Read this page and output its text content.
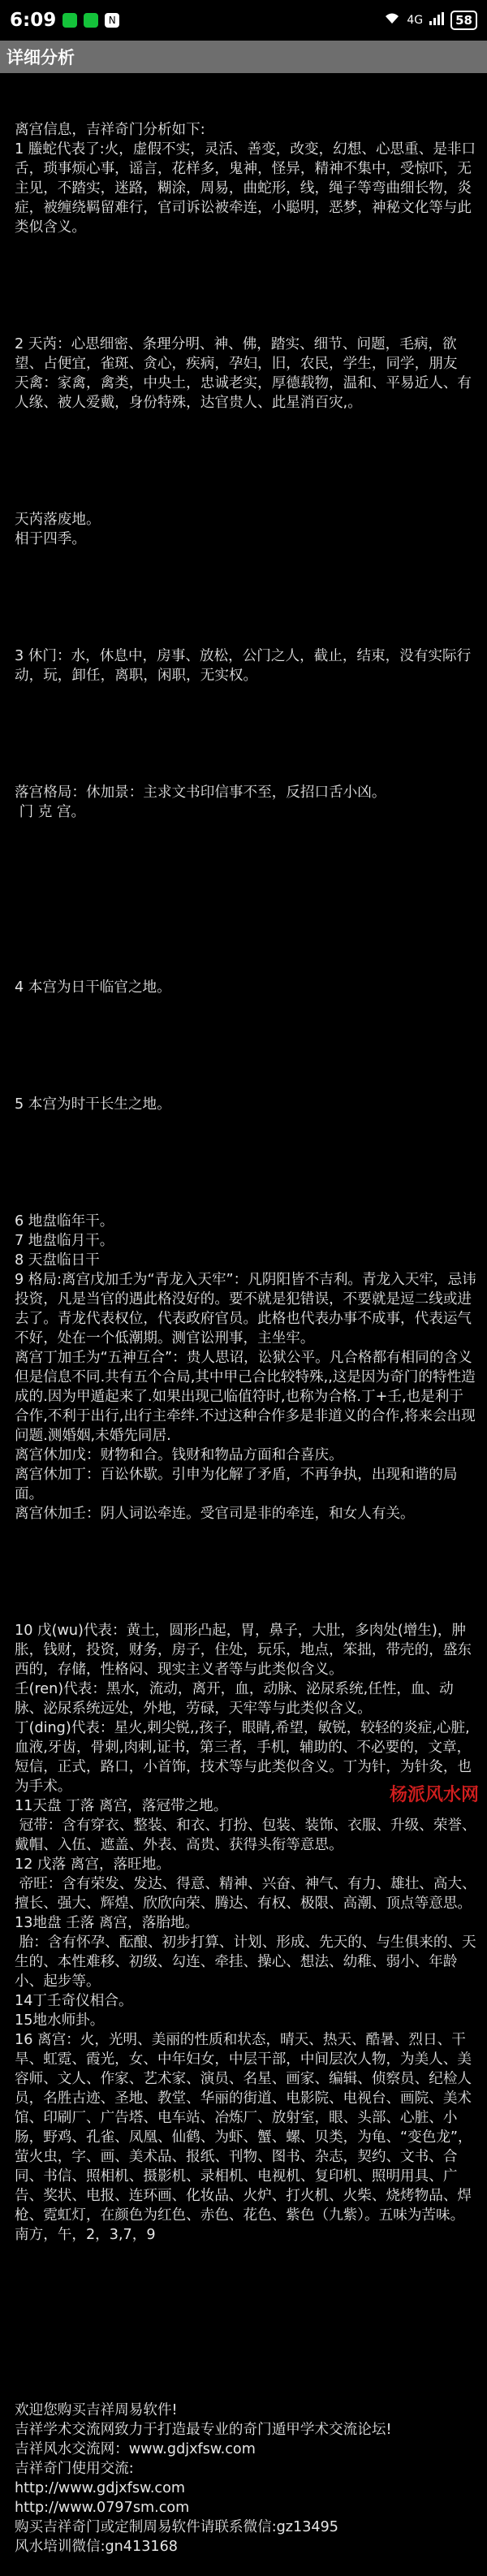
6:09	N	4G	58
详细分析

离宫信息，吉祥奇门分析如下:
1 螣蛇代表了:火，虚假不实，灵活、善变，改变，幻想、心思重、是非口舌，琐事烦心事，谣言，花样多，鬼神，怪异，精神不集中，受惊吓，无主见，不踏实，迷路，糊涂，周易，曲蛇形，线，绳子等弯曲细长物，炎症，被缠绕羁留难行，官司诉讼被牵连，小聪明，恶梦，神秘文化等与此类似含义。

2 天芮：心思细密、条理分明、神、佛，踏实、细节、问题，毛病，欲望、占便宜，雀斑、贪心，疾病，孕妇，旧，农民，学生，同学，朋友
天禽：家禽，禽类，中央土，忠诚老实，厚德载物，温和、平易近人、有人缘、被人爱戴，身份特殊，达官贵人、此星消百灾,。

天芮落废地。
相于四季。

3 休门：水，休息中，房事、放松，公门之人，截止，结束，没有实际行动，玩，卸任，离职，闲职，无实权。

落宫格局：休加景：主求文书印信事不至，反招口舌小凶。
门 克 宫。

4 本宫为日干临官之地。

5 本宫为时干长生之地。

6 地盘临年干。
7 地盘临月干。
8 天盘临日干
9 格局:离宫戊加壬为“青龙入天牢”：凡阴阳皆不吉利。青龙入天牢，忌讳投资，凡是当官的遇此格没好的。要不就是犯错误，不要就是逗二线或进去了。青龙代表权位，代表政府官员。此格也代表办事不成事，代表运气不好，处在一个低潮期。测官讼刑事，主坐牢。
离宫丁加壬为“五神互合”：贵人思诏，讼狱公平。凡合格都有相同的含义但是信息不同.共有五个合局,其中甲己合比较特殊,,这是因为奇门的特性造成的.因为甲遁起来了.如果出现己临值符时,也称为合格.丁+壬,也是利于合作,不利于出行,出行主牵绊.不过这种合作多是非道义的合作,将来会出现问题.测婚姻,未婚先同居.
离宫休加戊：财物和合。钱财和物品方面和合喜庆。
离宫休加丁：百讼休歇。引申为化解了矛盾，不再争执，出现和谐的局面。
离宫休加壬：阴人词讼牵连。受官司是非的牵连，和女人有关。

10 戊(wu)代表：黄土，圆形凸起，胃，鼻子，大肚，多肉处(增生)，肿胀，钱财，投资，财务，房子，住处，玩乐，地点，笨拙，带壳的，盛东西的，存储，性格闷、现实主义者等与此类似含义。
壬(ren)代表：黑水，流动，离开，血，动脉、泌尿系统,任性，血、动脉、泌尿系统远处，外地，劳碌，天牢等与此类似含义。
丁(ding)代表：星火,刺尖锐,,孩子，眼睛,希望，敏锐，较轻的炎症,心脏,血液,牙齿，骨刺,肉刺,证书，第三者，手机，辅助的、不必要的，文章，短信，正式，路口，小首饰，技术等与此类似含义。丁为针，为针灸，也为手术。
11天盘 丁落 离宫，落冠带之地。
冠带：含有穿衣、整装、和衣、打扮、包装、装饰、衣服、升级、荣誉、戴帽、入伍、遮盖、外表、高贵、获得头衔等意思。
12 戊落 离宫，落旺地。
帝旺：含有荣发、发达、得意、精神、兴奋、神气、有力、雄壮、高大、擅长、强大、辉煌、欣欣向荣、腾达、有权、极限、高潮、顶点等意思。
13地盘 壬落 离宫，落胎地。
胎：含有怀孕、酝酿、初步打算、计划、形成、先天的、与生俱来的、天生的、本性难移、初级、勾连、牵挂、操心、想法、幼稚、弱小、年龄小、起步等。
14丁壬奇仪相合。
15地水师卦。
16 离宫：火，光明、美丽的性质和状态，晴天、热天、酷暑、烈日、干旱、虹霓、霞光，女、中年妇女，中层干部，中间层次人物，为美人、美容师、文人、作家、艺术家、演员、名星、画家、编辑、侦察员、纪检人员，名胜古迹、圣地、教堂、华丽的街道、电影院、电视台、画院、美术馆、印刷厂、广告塔、电车站、冶炼厂、放射室，眼、头部、心脏、小肠，野鸡、孔雀、凤凰、仙鹤、为虾、蟹、螺、贝类，为龟、“变色龙”，萤火虫，字、画、美术品、报纸、刊物、图书、杂志，契约、文书、合同、书信、照相机、摄影机、录相机、电视机、复印机、照明用具、广告、奖状、电报、连环画、化妆品、火炉、打火机、火柴、烧烤物品、焊枪、霓虹灯，在颜色为红色、赤色、花色、紫色（九紫）。五味为苦味。南方，午，2，3,7，9

欢迎您购买吉祥周易软件!
吉祥学术交流网致力于打造最专业的奇门遁甲学术交流论坛!
吉祥风水交流网：www.gdjxfsw.com
吉祥奇门使用交流:
http://www.gdjxfsw.com
http://www.0797sm.com
购买吉祥奇门或定制周易软件请联系微信:gz13495
风水培训微信:gn413168

杨派风水网
